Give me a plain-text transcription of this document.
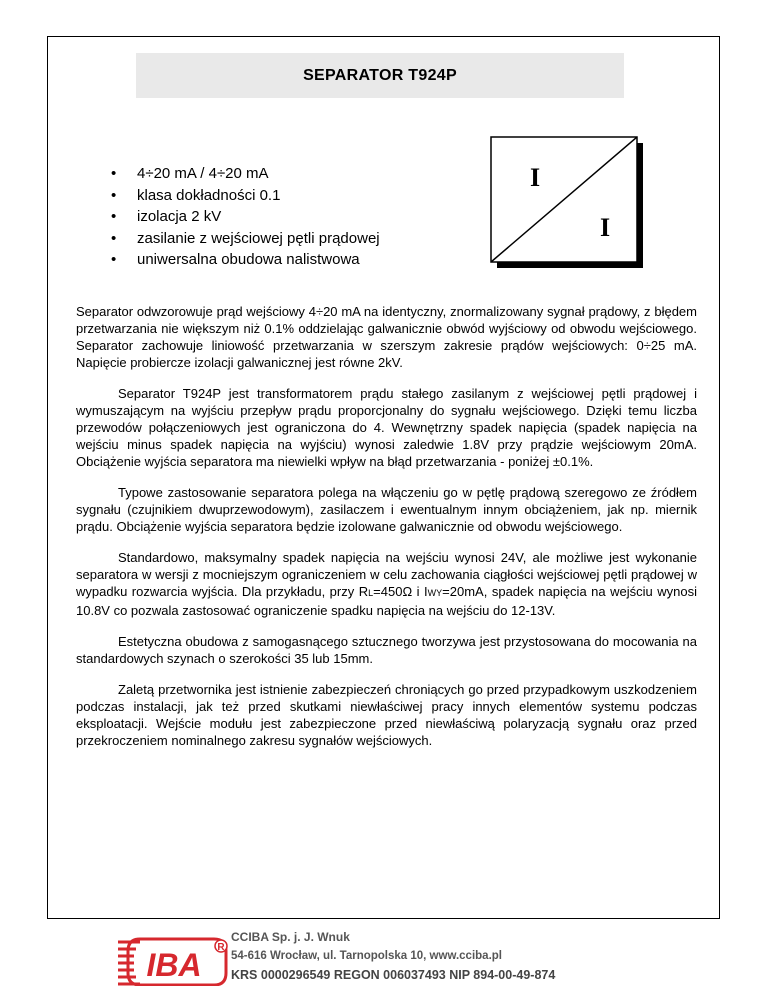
SEPARATOR T924P
• 4÷20 mA / 4÷20 mA
• klasa dokładności 0.1
• izolacja 2 kV
• zasilanie z wejściowej pętli prądowej
• uniwersalna obudowa nalistwowa
I
I

Separator odwzorowuje prąd wejściowy 4÷20 mA na identyczny, znormalizowany sygnał prądowy, z błędem przetwarzania nie większym niż 0.1% oddzielając galwanicznie obwód wyjściowy od obwodu wejściowego. Separator zachowuje liniowość przetwarzania w szerszym zakresie prądów wejściowych: 0÷25 mA. Napięcie probiercze izolacji galwanicznej jest równe 2kV.

Separator T924P jest transformatorem prądu stałego zasilanym z wejściowej pętli prądowej i wymuszającym na wyjściu przepływ prądu proporcjonalny do sygnału wejściowego. Dzięki temu liczba przewodów połączeniowych jest ograniczona do 4. Wewnętrzny spadek napięcia (spadek napięcia na wejściu minus spadek napięcia na wyjściu) wynosi zaledwie 1.8V przy prądzie wejściowym 20mA. Obciążenie wyjścia separatora ma niewielki wpływ na błąd przetwarzania - poniżej ±0.1%.

Typowe zastosowanie separatora polega na włączeniu go w pętlę prądową szeregowo ze źródłem sygnału (czujnikiem dwuprzewodowym), zasilaczem i ewentualnym innym obciążeniem, jak np. miernik prądu. Obciążenie wyjścia separatora będzie izolowane galwanicznie od obwodu wejściowego.

Standardowo, maksymalny spadek napięcia na wejściu wynosi 24V, ale możliwe jest wykonanie separatora w wersji z mocniejszym ograniczeniem w celu zachowania ciągłości wejściowej pętli prądowej w wypadku rozwarcia wyjścia. Dla przykładu, przy RL=450Ω i IWY=20mA, spadek napięcia na wejściu wynosi 10.8V co pozwala zastosować ograniczenie spadku napięcia na wejściu do 12-13V.

Estetyczna obudowa z samogasnącego sztucznego tworzywa jest przystosowana do mocowania na standardowych szynach o szerokości 35 lub 15mm.

Zaletą przetwornika jest istnienie zabezpieczeń chroniących go przed przypadkowym uszkodzeniem podczas instalacji, jak też przed skutkami niewłaściwej pracy innych elementów systemu podczas eksploatacji. Wejście modułu jest zabezpieczone przed niewłaściwą polaryzacją sygnału oraz przed przekroczeniem nominalnego zakresu sygnałów wejściowych.

IBA R
CCIBA Sp. j. J. Wnuk
54-616 Wrocław, ul. Tarnopolska 10, www.cciba.pl
KRS 0000296549 REGON 006037493 NIP 894-00-49-874
